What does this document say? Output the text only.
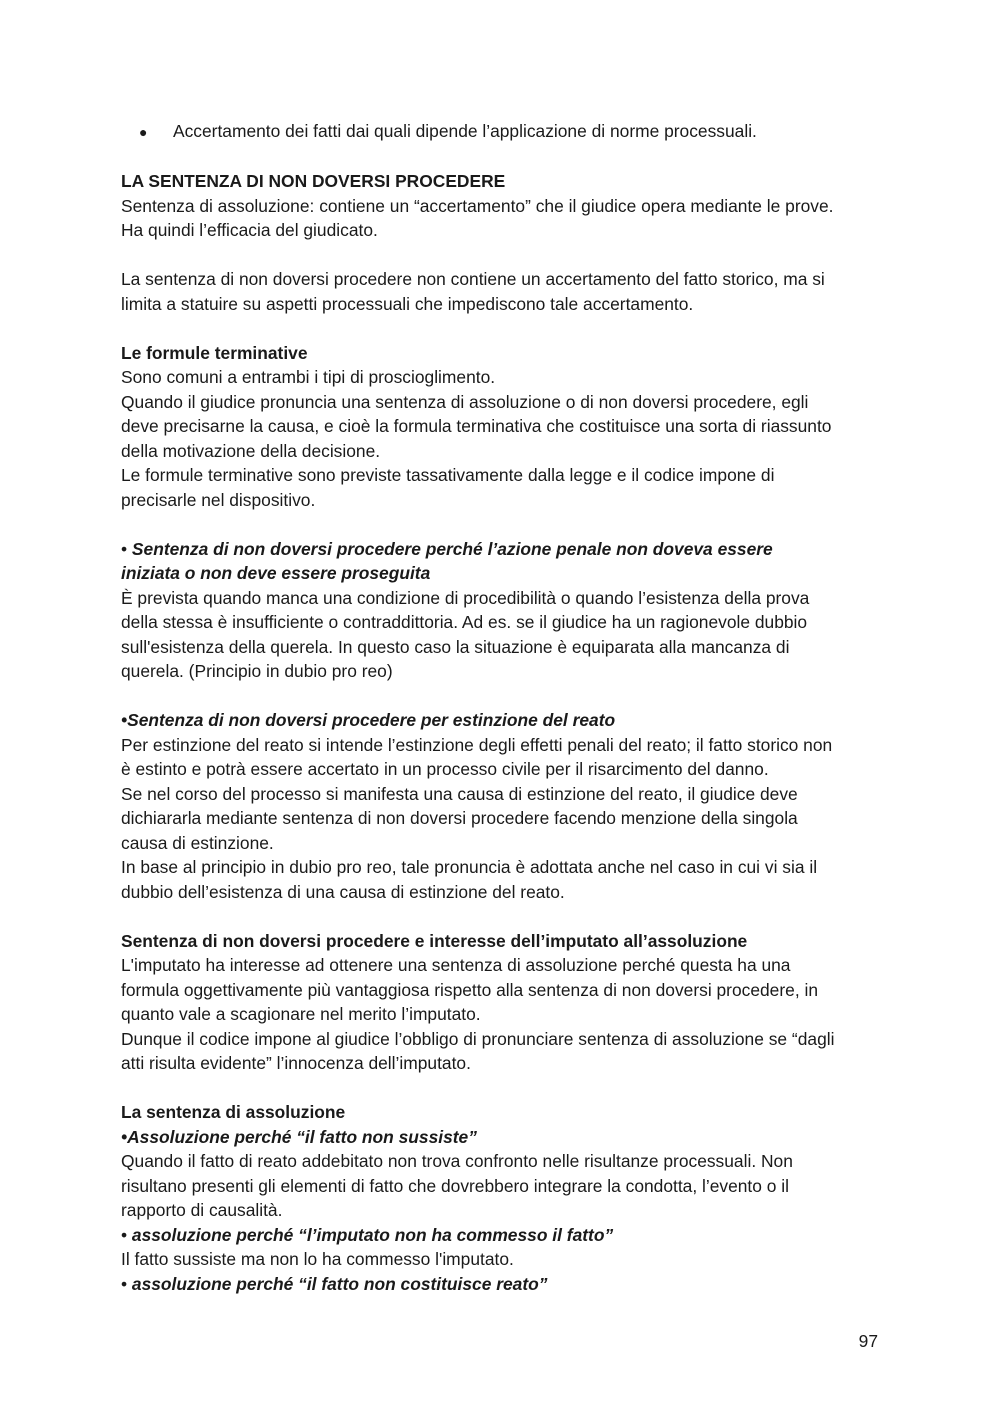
● Accertamento dei fatti dai quali dipende l’applicazione di norme processuali.
LA SENTENZA DI NON DOVERSI PROCEDERE
Sentenza di assoluzione: contiene un “accertamento” che il giudice opera mediante le prove.
Ha quindi l’efficacia del giudicato.
La sentenza di non doversi procedere non contiene un accertamento del fatto storico, ma si
limita a statuire su aspetti processuali che impediscono tale accertamento.
Le formule terminative
Sono comuni a entrambi i tipi di proscioglimento.
Quando il giudice pronuncia una sentenza di assoluzione o di non doversi procedere, egli
deve precisarne la causa, e cioè la formula terminativa che costituisce una sorta di riassunto
della motivazione della decisione.
Le formule terminative sono previste tassativamente dalla legge e il codice impone di
precisarle nel dispositivo.
• Sentenza di non doversi procedere perché l’azione penale non doveva essere
iniziata o non deve essere proseguita
È prevista quando manca una condizione di procedibilità o quando l’esistenza della prova
della stessa è insufficiente o contraddittoria. Ad es. se il giudice ha un ragionevole dubbio
sull'esistenza della querela. In questo caso la situazione è equiparata alla mancanza di
querela. (Principio in dubio pro reo)
•Sentenza di non doversi procedere per estinzione del reato
Per estinzione del reato si intende l’estinzione degli effetti penali del reato; il fatto storico non
è estinto e potrà essere accertato in un processo civile per il risarcimento del danno.
Se nel corso del processo si manifesta una causa di estinzione del reato, il giudice deve
dichiararla mediante sentenza di non doversi procedere facendo menzione della singola
causa di estinzione.
In base al principio in dubio pro reo, tale pronuncia è adottata anche nel caso in cui vi sia il
dubbio dell’esistenza di una causa di estinzione del reato.
Sentenza di non doversi procedere e interesse dell’imputato all’assoluzione
L'imputato ha interesse ad ottenere una sentenza di assoluzione perché questa ha una
formula oggettivamente più vantaggiosa rispetto alla sentenza di non doversi procedere, in
quanto vale a scagionare nel merito l’imputato.
Dunque il codice impone al giudice l’obbligo di pronunciare sentenza di assoluzione se “dagli
atti risulta evidente” l’innocenza dell’imputato.
La sentenza di assoluzione
•Assoluzione perché “il fatto non sussiste”
Quando il fatto di reato addebitato non trova confronto nelle risultanze processuali. Non
risultano presenti gli elementi di fatto che dovrebbero integrare la condotta, l’evento o il
rapporto di causalità.
• assoluzione perché “l’imputato non ha commesso il fatto”
Il fatto sussiste ma non lo ha commesso l'imputato.
• assoluzione perché “il fatto non costituisce reato”
97
